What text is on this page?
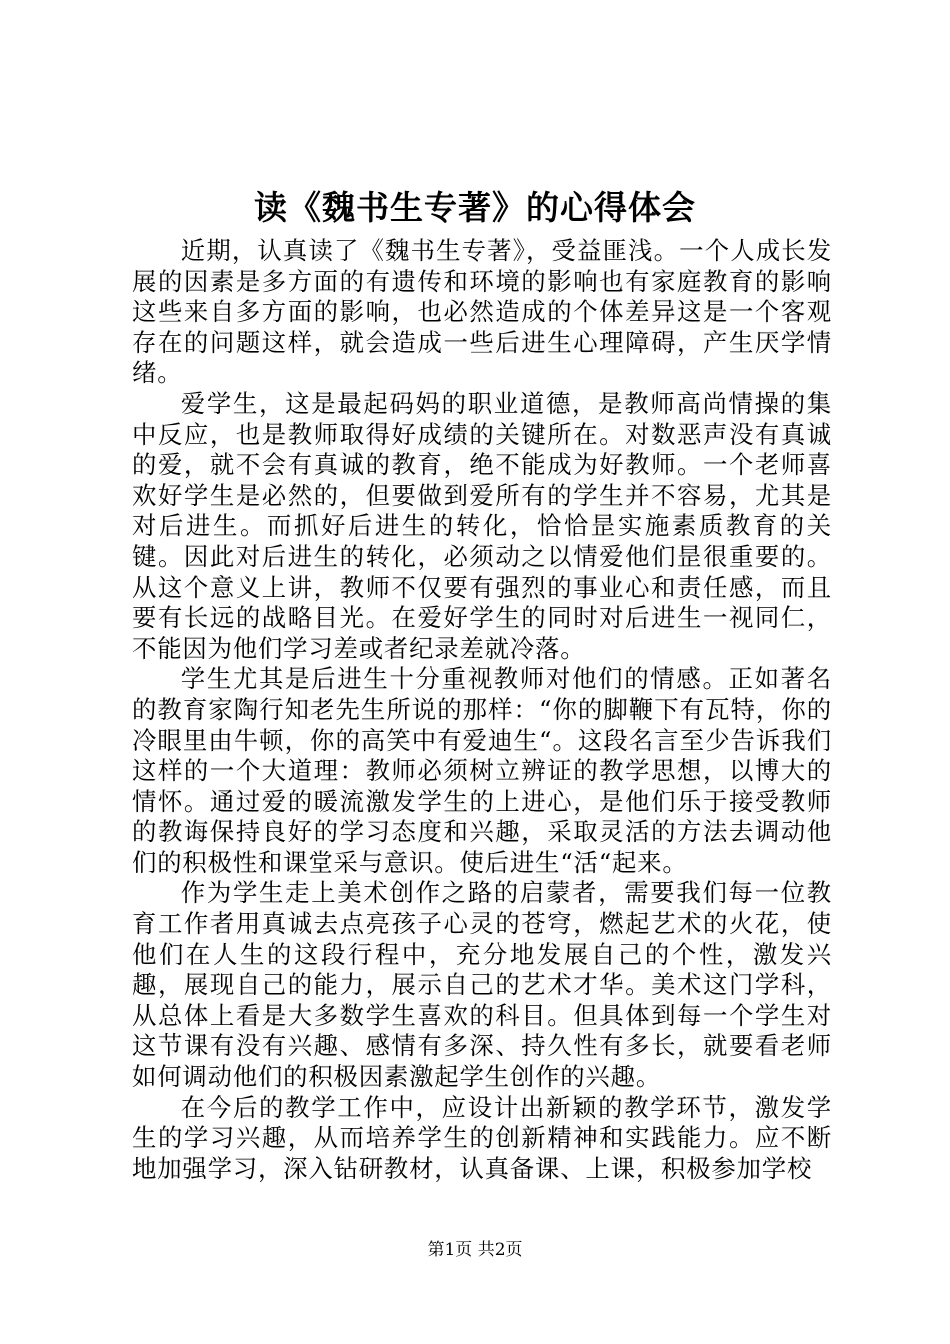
读《魏书生专著》的心得体会

近期，认真读了《魏书生专著》，受益匪浅。一个人成长发展的因素是多方面的有遗传和环境的影响也有家庭教育的影响这些来自多方面的影响，也必然造成的个体差异这是一个客观存在的问题这样，就会造成一些后进生心理障碍，产生厌学情绪。

爱学生，这是最起码妈的职业道德，是教师高尚情操的集中反应，也是教师取得好成绩的关键所在。对数恶声没有真诚的爱，就不会有真诚的教育，绝不能成为好教师。一个老师喜欢好学生是必然的，但要做到爱所有的学生并不容易，尤其是对后进生。而抓好后进生的转化，恰恰昰实施素质教育的关键。因此对后进生的转化，必须动之以情爱他们昰很重要的。从这个意义上讲，教师不仅要有强烈的事业心和责任感，而且要有长远的战略目光。在爱好学生的同时对后进生一视同仁，不能因为他们学习差或者纪录差就冷落。

学生尤其是后进生十分重视教师对他们的情感。正如著名的教育家陶行知老先生所说的那样：“你的脚鞭下有瓦特，你的冷眼里由牛顿，你的高笑中有爱迪生“。这段名言至少告诉我们这样的一个大道理：教师必须树立辨证的教学思想，以博大的情怀。通过爱的暖流激发学生的上进心，是他们乐于接受教师的教诲保持良好的学习态度和兴趣，采取灵活的方法去调动他们的积极性和课堂采与意识。使后进生“活“起来。

作为学生走上美术创作之路的启蒙者，需要我们每一位教育工作者用真诚去点亮孩子心灵的苍穹，燃起艺术的火花，使他们在人生的这段行程中，充分地发展自己的个性，激发兴趣，展现自己的能力，展示自己的艺术才华。美术这门学科，从总体上看是大多数学生喜欢的科目。但具体到每一个学生对这节课有没有兴趣、感情有多深、持久性有多长，就要看老师如何调动他们的积极因素激起学生创作的兴趣。

在今后的教学工作中，应设计出新颖的教学环节，激发学生的学习兴趣，从而培养学生的创新精神和实践能力。应不断地加强学习，深入钻研教材，认真备课、上课，积极参加学校

第1页 共2页
